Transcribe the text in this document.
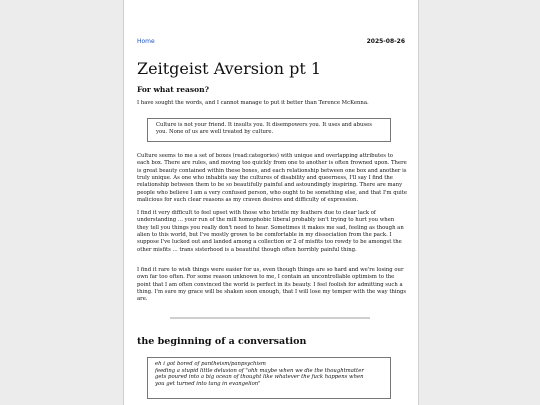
Home	2025-08-26
Zeitgeist Aversion pt 1
For what reason?

I have sought the words, and I cannot manage to put it better than Terence McKenna.

Culture is not your friend. It insults you. It disempowers you. It uses and abuses you. None of us are well treated by culture.

Culture seems to me a set of boxes (read:categories) with unique and overlapping attributes to each box. There are rules, and moving too quickly from one to another is often frowned upon. There is great beauty contained within these boxes, and each relationship between one box and another is truly unique. As one who inhabits say the cultures of disability and queerness, I'll say I find the relationship between them to be so beautifully painful and astoundingly inspiring. There are many people who believe I am a very confused person, who ought to be something else, and that I'm quite malicious for such clear reasons as my craven desires and difficulty of expression.

I find it very difficult to feel upset with those who bristle my feathers due to clear lack of understanding ... your run of the mill homophobic liberal probably isn't trying to hurt you when they tell you things you really don't need to hear. Sometimes it makes me sad, feeling as though an alien to this world, but I've mostly grown to be comfortable in my dissociation from the pack. I suppose I've lucked out and landed among a collection or 2 of misfits too rowdy to be amongst the other misfits ... trans sisterhood is a beautiful though often horribly painful thing.

I find it rare to wish things were easier for us, even though things are so hard and we're losing our own far too often. For some reason unknown to me, I contain an uncontrollable optimism to the point that I am often convinced the world is perfect in its beauty. I feel foolish for admitting such a thing. I'm sure my grace will be shaken soon enough, that I will lose my temper with the way things are.

the beginning of a conversation
eh i got bored of pantheism/panpsychism
feeding a stupid little delusion of "ohh maybe when we die the thoughtmatter
gets poured into a big ocean of thought like whatever the fuck happens when
you get turned into tang in evangelion"
